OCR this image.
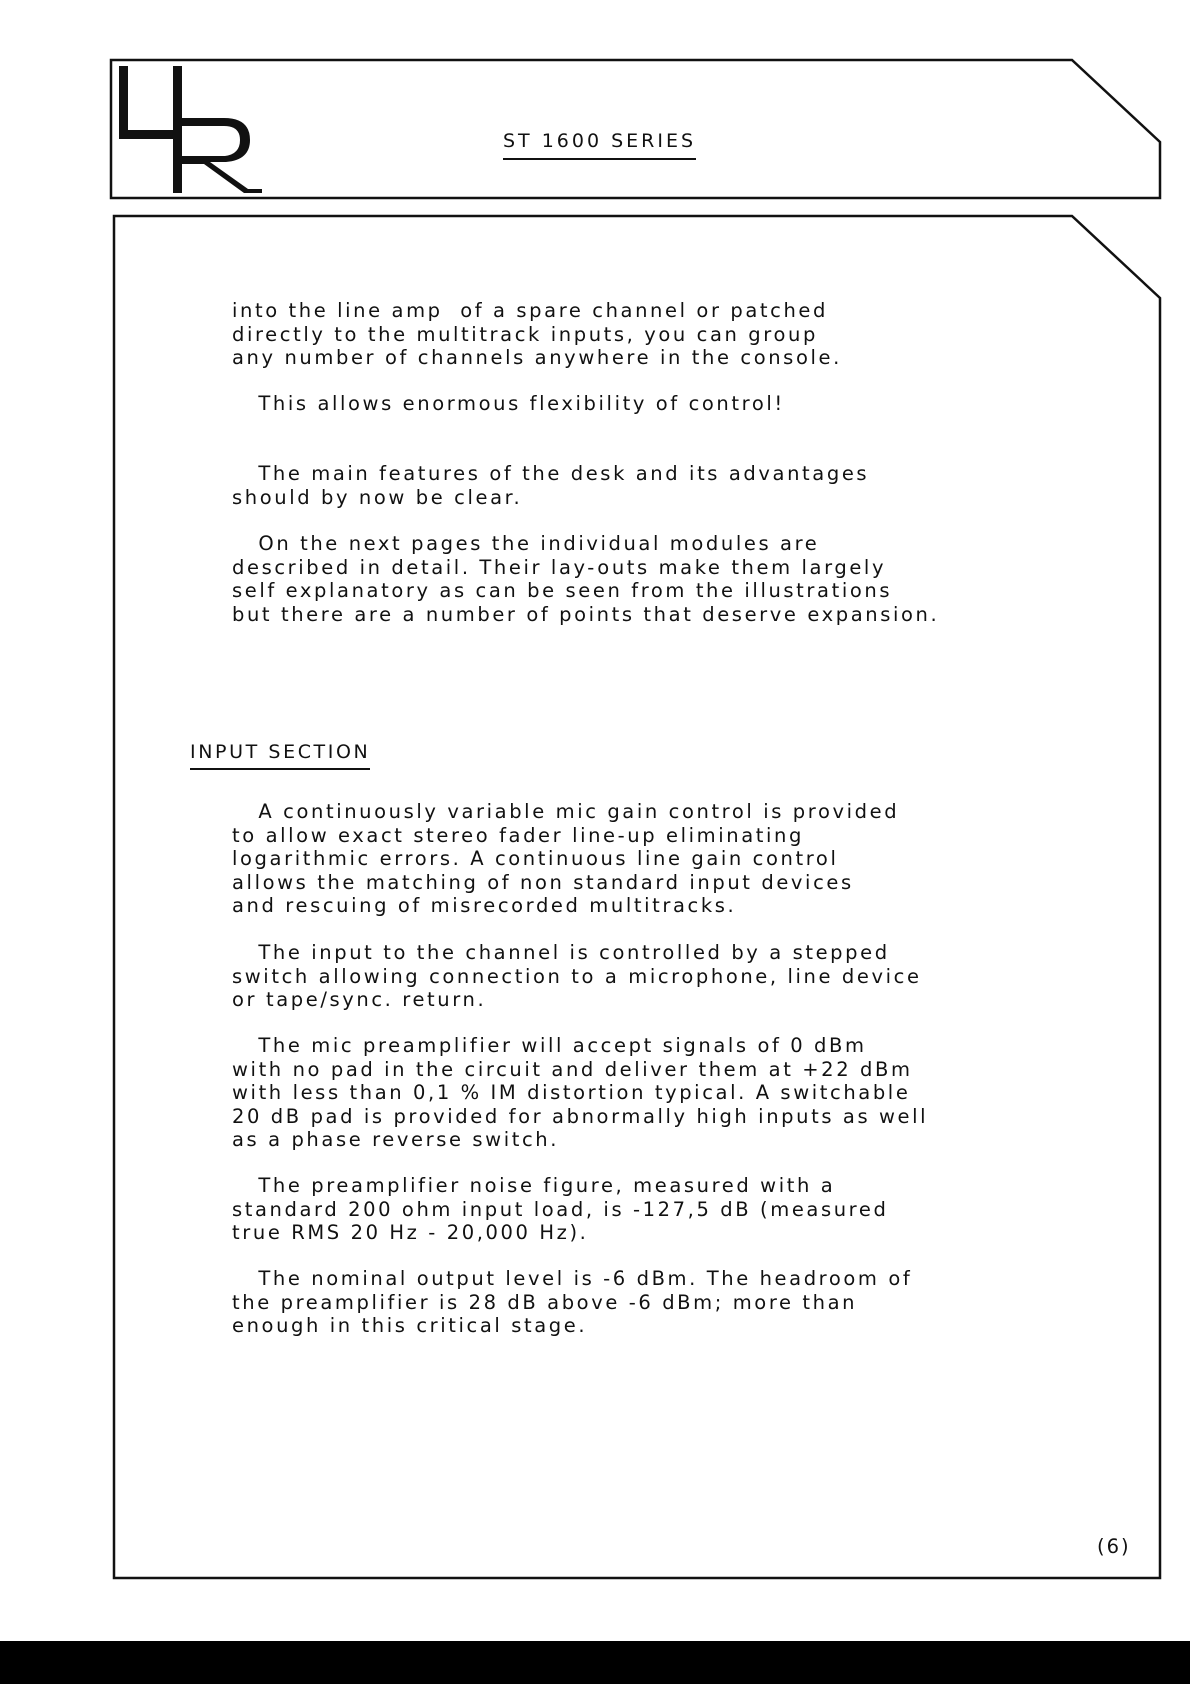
ST 1600 SERIES
into the line amp  of a spare channel or patched
directly to the multitrack inputs, you can group
any number of channels anywhere in the console.
This allows enormous flexibility of control!
The main features of the desk and its advantages
should by now be clear.
On the next pages the individual modules are
described in detail. Their lay-outs make them largely
self explanatory as can be seen from the illustrations
but there are a number of points that deserve expansion.
INPUT SECTION
A continuously variable mic gain control is provided
to allow exact stereo fader line-up eliminating
logarithmic errors. A continuous line gain control
allows the matching of non standard input devices
and rescuing of misrecorded multitracks.
The input to the channel is controlled by a stepped
switch allowing connection to a microphone, line device
or tape/sync. return.
The mic preamplifier will accept signals of 0 dBm
with no pad in the circuit and deliver them at +22 dBm
with less than 0,1 % IM distortion typical. A switchable
20 dB pad is provided for abnormally high inputs as well
as a phase reverse switch.
The preamplifier noise figure, measured with a
standard 200 ohm input load, is -127,5 dB (measured
true RMS 20 Hz - 20,000 Hz).
The nominal output level is -6 dBm. The headroom of
the preamplifier is 28 dB above -6 dBm; more than
enough in this critical stage.
(6)
